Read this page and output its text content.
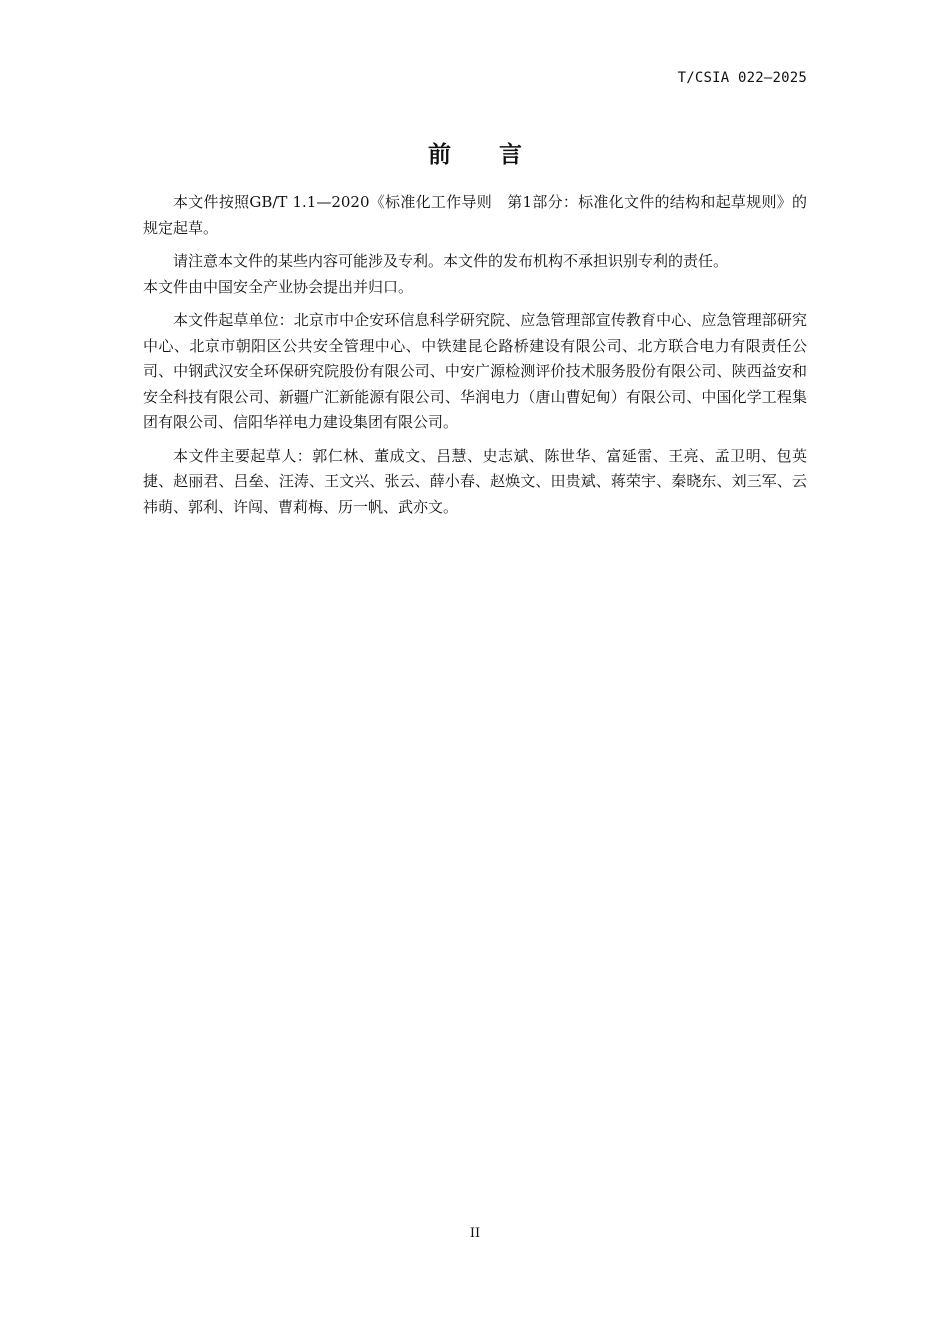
T/CSIA 022—2025
前 言

本文件按照GB/T 1.1—2020《标准化工作导则　第1部分：标准化文件的结构和起草规则》的规定起草。

请注意本文件的某些内容可能涉及专利。本文件的发布机构不承担识别专利的责任。

本文件由中国安全产业协会提出并归口。

本文件起草单位：北京市中企安环信息科学研究院、应急管理部宣传教育中心、应急管理部研究中心、北京市朝阳区公共安全管理中心、中铁建昆仑路桥建设有限公司、北方联合电力有限责任公司、中钢武汉安全环保研究院股份有限公司、中安广源检测评价技术服务股份有限公司、陕西益安和安全科技有限公司、新疆广汇新能源有限公司、华润电力（唐山曹妃甸）有限公司、中国化学工程集团有限公司、信阳华祥电力建设集团有限公司。

本文件主要起草人：郭仁林、董成文、吕慧、史志斌、陈世华、富延雷、王亮、孟卫明、包英捷、赵丽君、吕垒、汪涛、王文兴、张云、薛小春、赵焕文、田贵斌、蒋荣宇、秦晓东、刘三军、云祎萌、郭利、许闯、曹莉梅、历一帆、武亦文。

II
